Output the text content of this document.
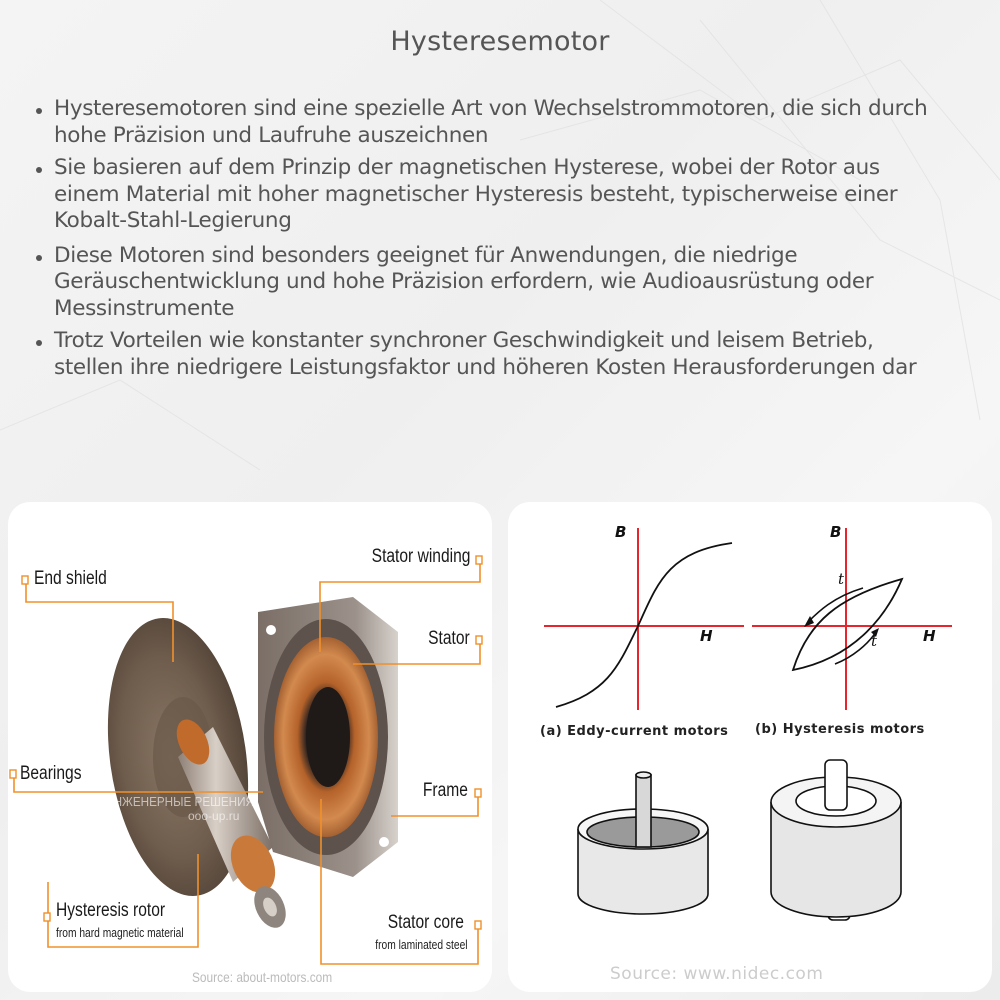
Hysteresemotor
Hysteresemotoren sind eine spezielle Art von Wechselstrommotoren, die sich durch hohe Präzision und Laufruhe auszeichnen
Sie basieren auf dem Prinzip der magnetischen Hysterese, wobei der Rotor aus einem Material mit hoher magnetischer Hysteresis besteht, typischerweise einer Kobalt-Stahl-Legierung
Diese Motoren sind besonders geeignet für Anwendungen, die niedrige Geräuschentwicklung und hohe Präzision erfordern, wie Audioausrüstung oder Messinstrumente
Trotz Vorteilen wie konstanter synchroner Geschwindigkeit und leisem Betrieb, stellen ihre niedrigere Leistungsfaktor und höheren Kosten Herausforderungen dar
ИНЖЕНЕРНЫЕ РЕШЕНИЯ
ooo-up.ru
End shield
Bearings
Hysteresis rotor
from hard magnetic material
Stator winding
Stator
Frame
Stator core
from laminated steel
Source: about-motors.com
B
H
B
H
t
t
(a) Eddy-current motors (b) Hysteresis motors
Source: www.nidec.com
